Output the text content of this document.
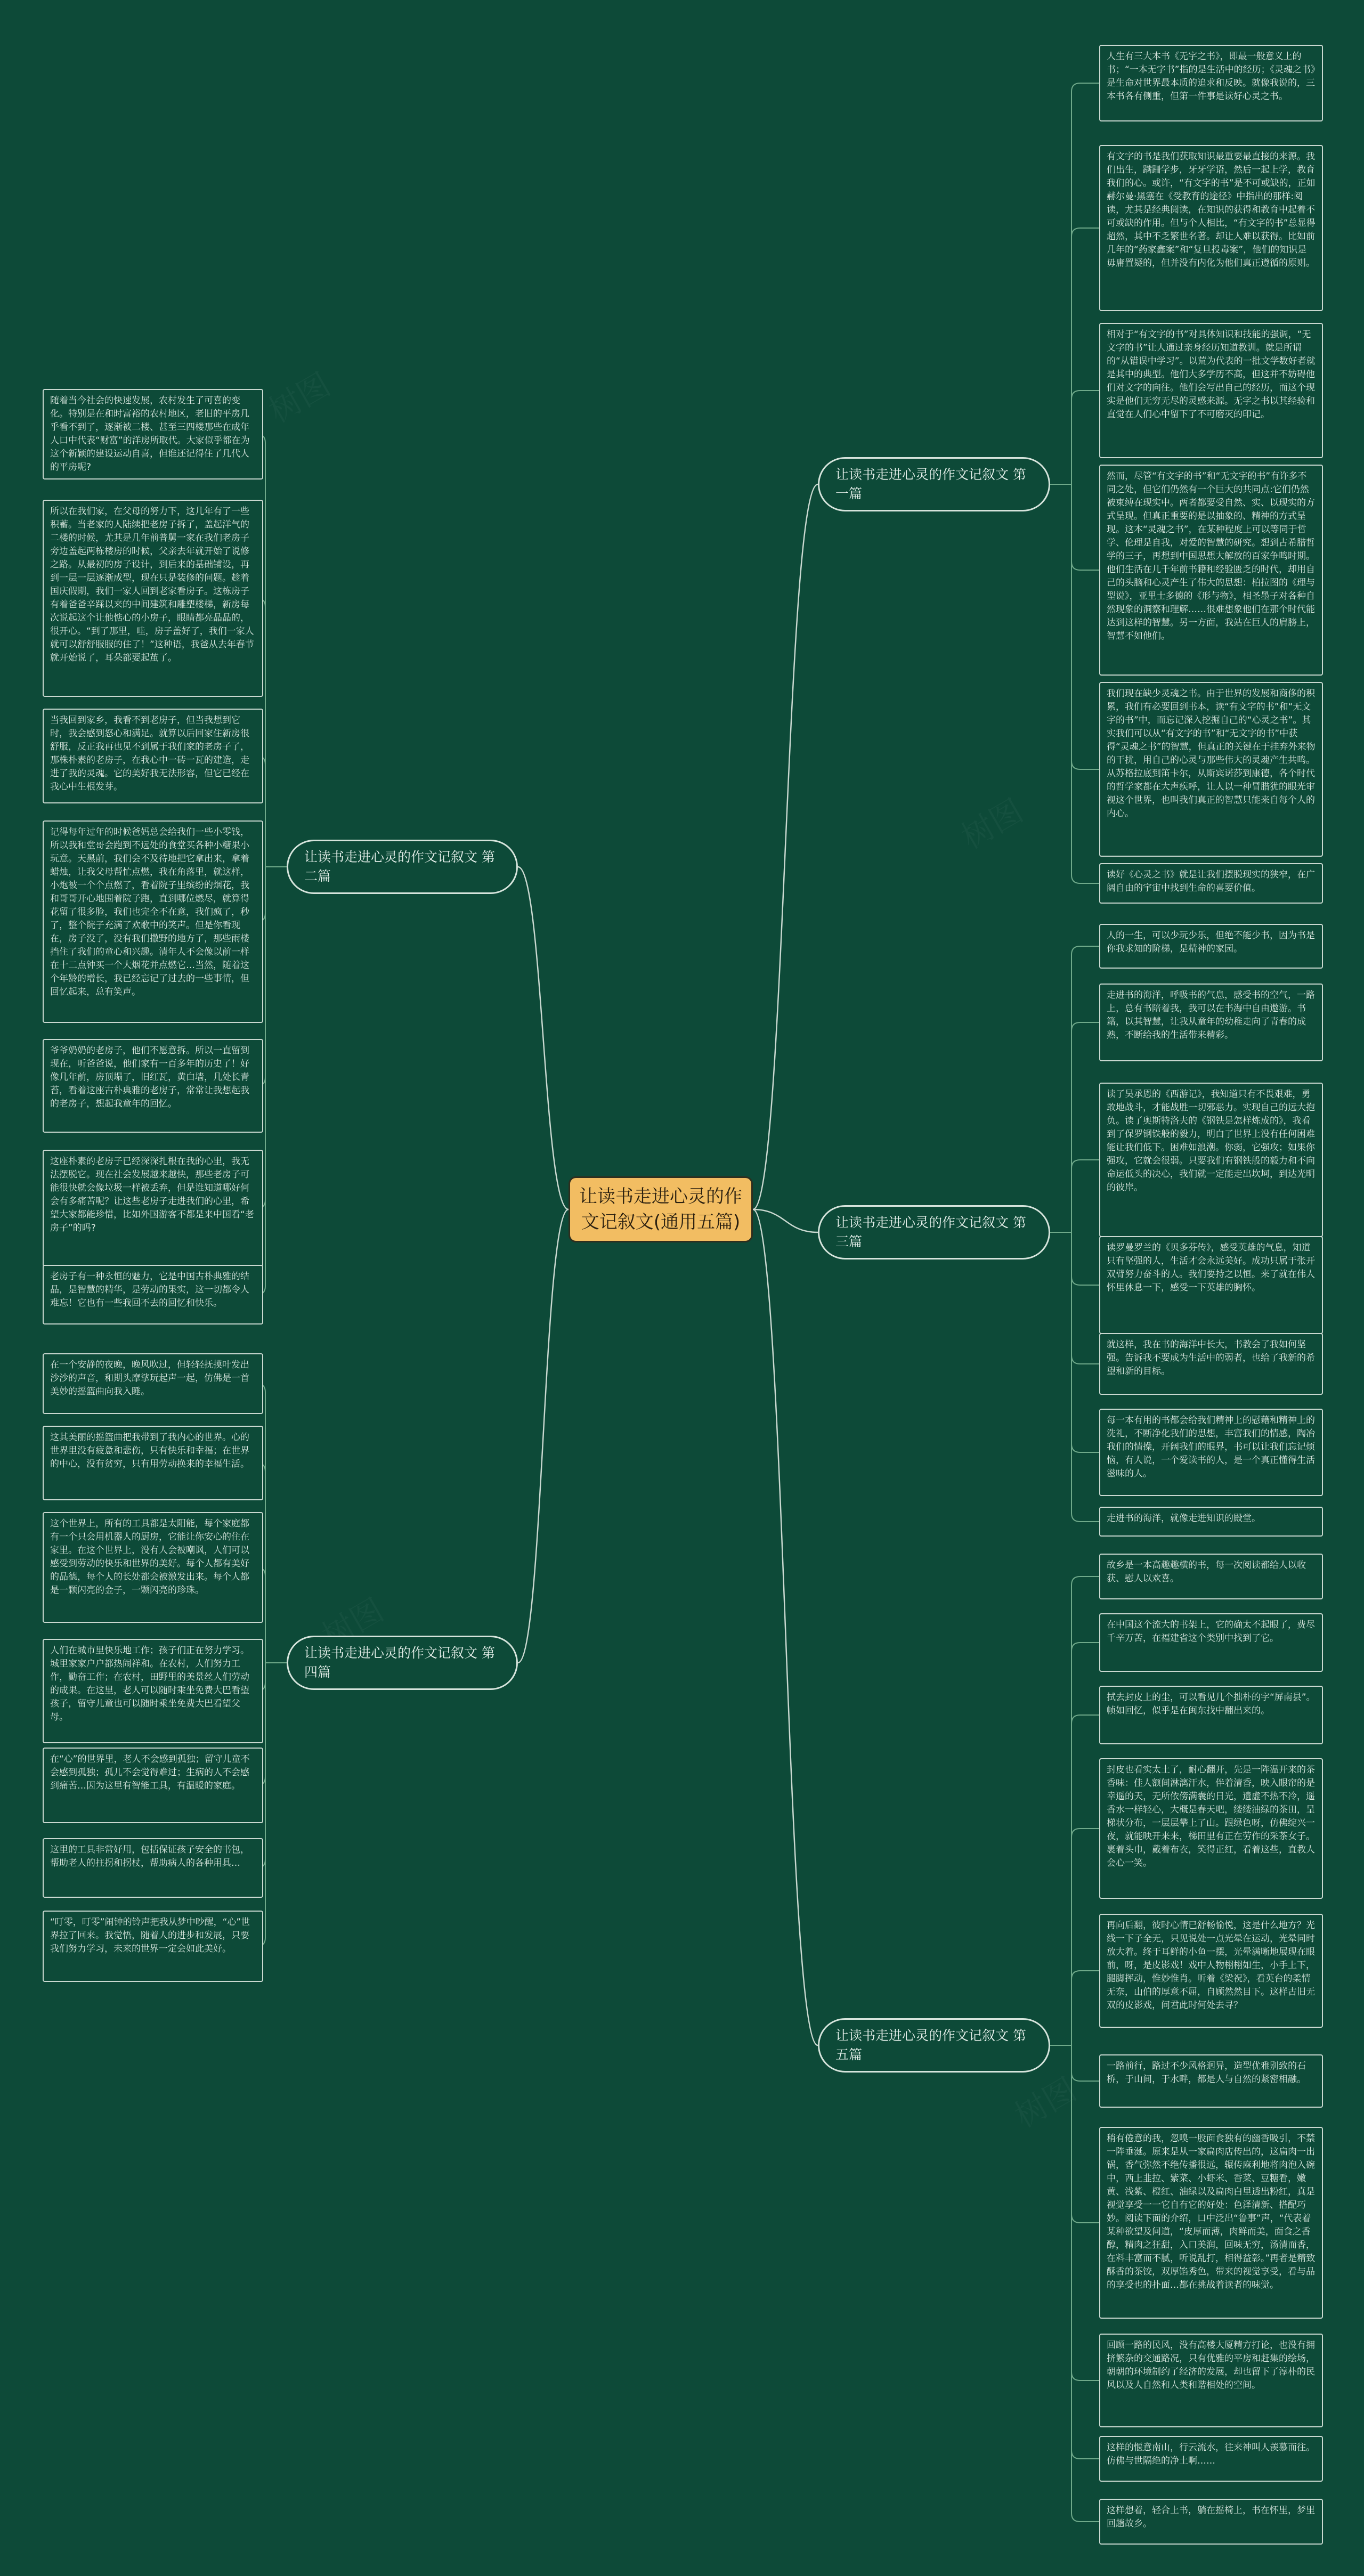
让读书走进心灵的作文记叙文(通用五篇)
让读书走进心灵的作文记叙文 第一篇
人生有三大本书《无字之书》，即最一般意义上的书；“一本无字书”指的是生活中的经历；《灵魂之书》是生命对世界最本质的追求和反映。就像我说的，三本书各有侧重，但第一件事是读好心灵之书。
有文字的书是我们获取知识最重要最直接的来源。我们出生，蹒跚学步，牙牙学语，然后一起上学，教育我们的心。或许，“有文字的书”是不可或缺的，正如赫尔曼·黑塞在《受教育的途径》中指出的那样:阅读，尤其是经典阅读，在知识的获得和教育中起着不可或缺的作用。但与个人相比，“有文字的书”总显得超然，其中不乏繁世名著。却让人难以获得。比如前几年的“药家鑫案”和“复旦投毒案”，他们的知识是毋庸置疑的，但并没有内化为他们真正遵循的原则。
相对于“有文字的书”对具体知识和技能的强调，“无文字的书”让人通过亲身经历知道教训。就是所谓的“从错误中学习”。以荒为代表的一批文学数好者就是其中的典型。他们大多学历不高，但这并不妨碍他们对文字的向往。他们会写出自己的经历，而这个现实是他们无穷无尽的灵感来源。无字之书以其经验和直觉在人们心中留下了不可磨灭的印记。
然而，尽管“有文字的书”和“无文字的书”有许多不同之处，但它们仍然有一个巨大的共同点:它们仍然被束缚在现实中。两者都要受自然、实、以现实的方式呈现。但真正重要的是以抽象的、精神的方式呈现。这本“灵魂之书”，在某种程度上可以等同于哲学、伦理是自我，对爱的智慧的研究。想到古希腊哲学的三子，再想到中国思想大解放的百家争鸣时期。他们生活在几千年前书籍和经验匮乏的时代，却用自己的头脑和心灵产生了伟大的思想：柏拉图的《理与型说》，亚里士多德的《形与物》，相圣墨子对各种自然现象的洞察和理解……很难想象他们在那个时代能达到这样的智慧。另一方面，我站在巨人的肩膀上，智慧不如他们。
我们现在缺少灵魂之书。由于世界的发展和商侈的积累，我们有必要回到书本，读“有文字的书”和“无文字的书”中，而忘记深入挖掘自己的“心灵之书”。其实我们可以从“有文字的书”和“无文字的书”中获得“灵魂之书”的智慧，但真正的关键在于挂弃外来物的干扰，用自己的心灵与那些伟大的灵魂产生共鸣。从苏格拉底到笛卡尔，从斯宾诺莎到康德，各个时代的哲学家都在大声疾呼，让人以一种冒腊犹的眼光审视这个世界，也叫我们真正的智慧只能来自每个人的内心。
读好《心灵之书》就是让我们摆脱现实的狭窄，在广阔自由的宇宙中找到生命的喜要价值。
让读书走进心灵的作文记叙文 第二篇
随着当今社会的快速发展，农村发生了可喜的变化。特别是在和时富裕的农村地区，老旧的平房几乎看不到了，逐渐被二楼、甚至三四楼那些在成年人口中代表“财富”的洋房所取代。大家似乎都在为这个新颖的建设运动自喜，但谁还记得住了几代人的平房呢?
所以在我们家，在父母的努力下，这几年有了一些积蓄。当老家的人陆续把老房子拆了，盖起洋气的二楼的时候，尤其是几年前普舅一家在我们老房子旁边盖起两栋楼房的时候，父亲去年就开始了说修之路。从最初的房子设计，到后来的基础铺设，再到一层一层逐渐成型，现在只是装修的问题。趁着国庆假期，我们一家人回到老家看房子。这栋房子有着爸爸辛踩以来的中间建筑和雕塑楼梯，新房每次说起这个让他惦心的小房子，眼睛都亮晶晶的，很开心。“到了那里，哇，房子盖好了，我们一家人就可以舒舒服服的住了！”这种语，我爸从去年春节就开始说了，耳朵都要起茧了。
当我回到家乡，我看不到老房子，但当我想到它时，我会感到怒心和满足。就算以后回家住新房很舒服，反正我再也见不到属于我们家的老房子了，那株朴素的老房子，在我心中一砖一瓦的建造，走进了我的灵魂。它的美好我无法形容，但它已经在我心中生根发芽。
记得每年过年的时候爸妈总会给我们一些小零钱，所以我和堂哥会跑到不远处的食堂买各种小糖果小玩意。天黑前，我们会不及待地把它拿出来，拿着蜡烛，让我父母帮忙点燃，我在角落里，就这样，小炮被一个个点燃了，看着院子里缤纷的烟花，我和哥哥开心地围着院子跑，直到哪位燃尽，就算得花留了很多脸，我们也完全不在意，我们疯了，秒了，整个院子充满了欢歌中的笑声。但是你看现在，房子没了，没有我们撒野的地方了，那些雨楼挡住了我们的童心和兴趣。清年人不会像以前一样在十二点钟买一个大烟花并点燃它…当然，随着这个年龄的增长，我已经忘记了过去的一些事情，但回忆起来，总有笑声。
爷爷奶奶的老房子，他们不愿意拆。所以一直留到现在，听爸爸说，他们家有一百多年的历史了！好像几年前，房顶塌了，旧红瓦，黄白墙，几处长青苔，看着这座古朴典雅的老房子，常常让我想起我的老房子，想起我童年的回忆。
这座朴素的老房子已经深深扎根在我的心里，我无法摆脱它。现在社会发展越来越快，那些老房子可能很快就会像垃圾一样被丢弃，但是谁知道哪好何会有多痛苦呢？让这些老房子走进我们的心里，希望大家都能珍惜，比如外国游客不都是来中国看“老房子”的吗?
老房子有一种永恒的魅力，它是中国古朴典雅的结晶，是智慧的精华，是劳动的果实，这一切都令人难忘！它也有一些我回不去的回忆和快乐。
让读书走进心灵的作文记叙文 第三篇
人的一生，可以少玩少乐，但绝不能少书，因为书是你我求知的阶梯，是精神的家园。
走进书的海洋，呼吸书的气息，感受书的空气，一路上，总有书陪着我，我可以在书海中自由遨游。书籍，以其智慧，让我从童年的幼稚走向了青春的成熟，不断给我的生活带来精彩。
读了吴承恩的《西游记》，我知道只有不畏艰难，勇敢地战斗，才能战胜一切邪恶力。实现自己的远大抱负。读了奥斯特洛夫的《钢铁是怎样炼成的》，我看到了保罗钢铁般的毅力，明白了世界上没有任何困难能让我们低下。困难如浪潮。你弱，它强攻；如果你强攻，它就会很弱。只要我们有钢铁般的毅力和不向命运低头的决心，我们就一定能走出坎坷，到达光明的彼岸。
读罗曼罗兰的《贝多芬传》，感受英雄的气息，知道只有坚强的人，生活才会永远美好。成功只属于张开双臂努力奋斗的人。我们要持之以恒。来了就在伟人怀里休息一下，感受一下英雄的胸怀。
就这样，我在书的海洋中长大，书教会了我如何坚强。告诉我不要成为生活中的弱者，也给了我新的希望和新的目标。
每一本有用的书都会给我们精神上的慰藉和精神上的洗礼，不断净化我们的思想，丰富我们的情感，陶冶我们的情操，开阔我们的眼界，书可以让我们忘记烦恼，有人说，一个爱读书的人，是一个真正懂得生活滋味的人。
走进书的海洋，就像走进知识的殿堂。
让读书走进心灵的作文记叙文 第四篇
在一个安静的夜晚，晚风吹过，但轻轻抚摸叶发出沙沙的声音，和期头摩挲玩起声一起，仿佛是一首美妙的摇篮曲向我入睡。
这其美丽的摇篮曲把我带到了我内心的世界。心的世界里没有疲惫和悲伤，只有快乐和幸福；在世界的中心，没有贫穷，只有用劳动换来的幸福生活。
这个世界上，所有的工具都是太阳能，每个家庭都有一个只会用机器人的厨房，它能让你安心的住在家里。在这个世界上，没有人会被嘲讽，人们可以感受到劳动的快乐和世界的美好。每个人都有美好的品德，每个人的长处都会被激发出来。每个人都是一颗闪亮的金子，一颗闪亮的珍珠。
人们在城市里快乐地工作；孩子们正在努力学习。城里家家户户都热闹祥和。在农村，人们努力工作，勤奋工作；在农村，田野里的美景丝人们劳动的成果。在这里，老人可以随时乘坐免费大巴看望孩子，留守儿童也可以随时乘坐免费大巴看望父母。
在“心”的世界里，老人不会感到孤独；留守儿童不会感到孤独；孤儿不会觉得难过；生病的人不会感到痛苦…因为这里有智能工具，有温暖的家庭。
这里的工具非常好用，包括保证孩子安全的书包，帮助老人的拄拐和拐杖，帮助病人的各种用具…
“叮零，叮零”闹钟的铃声把我从梦中吵醒，“心”世界拉了回来。我觉悟，随着人的进步和发展，只要我们努力学习，未来的世界一定会如此美好。
让读书走进心灵的作文记叙文 第五篇
故乡是一本高趣趣横的书，每一次阅读都给人以收获、慰人以欢喜。
在中国这个流大的书架上，它的确太不起眼了，费尽千辛万苦，在福建省这个类别中找到了它。
拭去封皮上的尘，可以看见几个拙朴的字“屏南县”。帧如回忆，似乎是在闽东找中翻出来的。
封皮也看实太土了，耐心翻开，先是一阵温开来的茶香味：佳人额间淋漓汗水，伴着清香，映入眼帘的是幸遥的天，无所依傍满囊的日光，遗虚不热不冷，遥香水一样轻心，大概是春天吧，缕缕油绿的茶田，呈梯状分布，一层层攀上了山。跟绿色呀，仿佛绽兴一夜，就能映开来来，梯田里有正在劳作的采茶女子。裹着头巾，戴着布衣，笑得正红，看着这些，直教人会心一笑。
再向后翻，彼时心情已舒畅愉悦，这是什么地方？光线一下子全无，只见说处一点光晕在运动，光晕同时放大着。终于耳鲜的小鱼一摆，光晕满晰地展现在眼前，呀，是皮影戏！戏中人物栩栩如生，小手上下，腿脚挥动，惟妙惟肖。听着《梁祝》，看英台的柔情无奈，山伯的厚意不屈，自顾然然目下。这样古旧无双的皮影戏，问君此时何处去寻？
一路前行，路过不少风格迥异，造型优雅别致的石桥，于山间，于水畔，都是人与自然的紧密相融。
稍有倦意的我，忽嗅一股面食独有的幽香吸引，不禁一阵垂涎。原来是从一家扁肉店传出的，这扁肉一出锅，香气弥然不绝传播很远，辗传麻利地将肉泡入碗中，西上韭拉、紫菜、小虾米、香菜、豆糖看，嫩黄、浅紫、橙红、油绿以及扁肉白里透出粉红，真是视觉享受一一它自有它的好处：色泽清新、搭配巧妙。阅读下面的介绍，口中泛出“鲁事”声，“代表着某种欲望及问道，“皮厚而薄，肉鲜而美，面食之香醇，精肉之狂甜，入口美润，回味无穷，汤清而香，在料丰富而不腻，听说乱打，相得益彰。”再者是精致酥香的茶饺，双厚馅秀色，带来的视觉享受，看与品的享受也的扑面…都在挑战着读者的味觉。
回顾一路的民风，没有高楼大厦精方打论，也没有拥挤繁杂的交通路况，只有优雅的平房和赶集的绘场，朝朝的环境制约了经济的发展，却也留下了淳朴的民风以及人自然和人类和谐相处的空间。
这样的惬意南山，行云流水，往来神叫人羡慕而往。仿佛与世隔绝的净土啊……
这样想着，轻合上书，躺在摇椅上，书在怀里，梦里回趟故乡。
